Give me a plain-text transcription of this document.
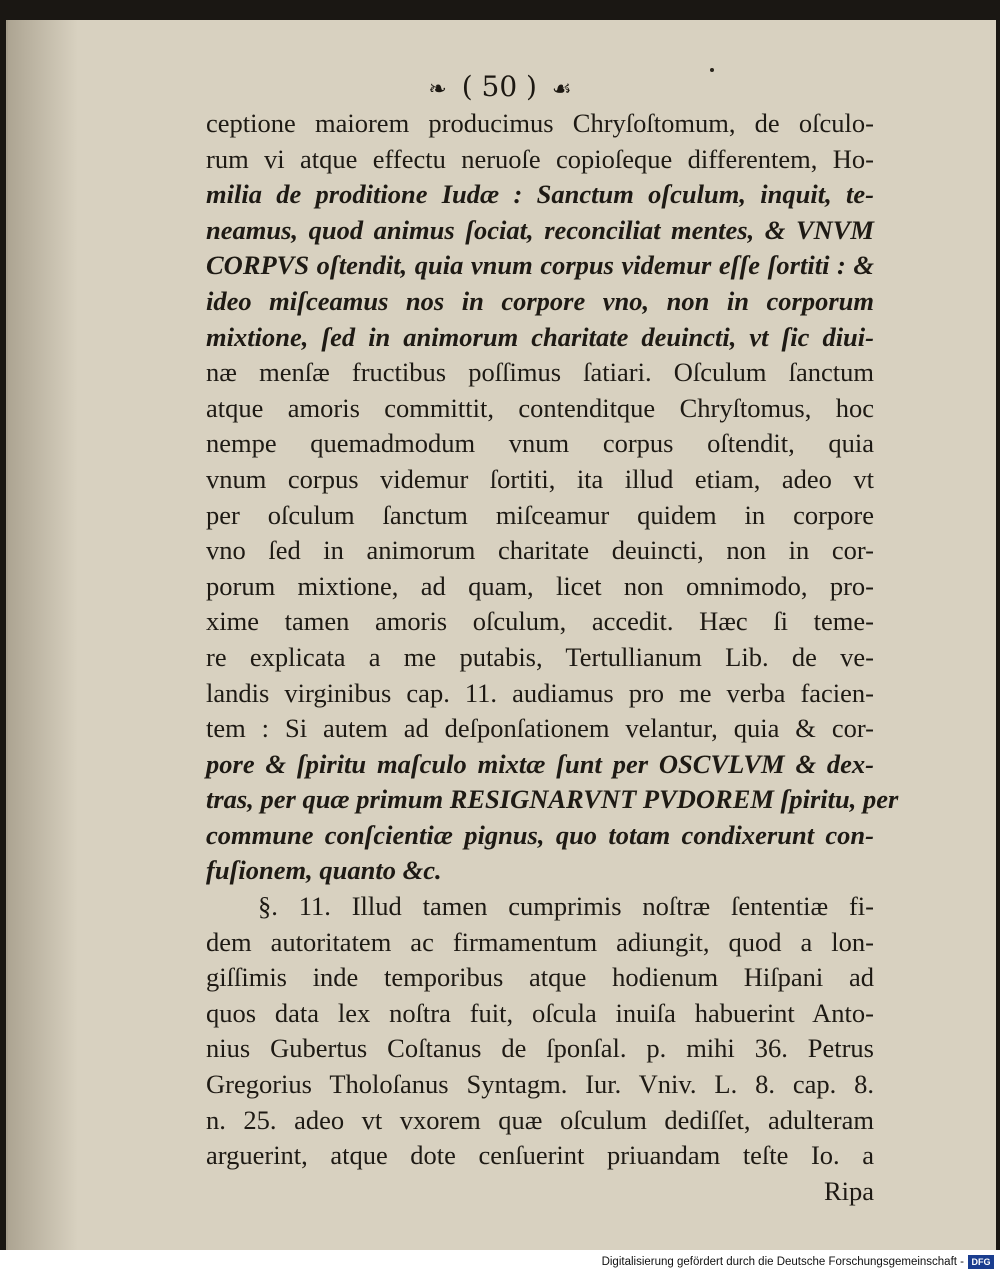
❧ ( 50 ) ☙
ceptione maiorem producimus Chryſoſtomum, de oſculo-
rum vi atque effectu neruoſe copioſeque differentem, Ho-
milia de proditione Iudæ : Sanctum oſculum, inquit, te-
neamus, quod animus ſociat, reconciliat mentes, & VNVM
CORPVS oſtendit, quia vnum corpus videmur eſſe ſortiti : &
ideo miſceamus nos in corpore vno, non in corporum
mixtione, ſed in animorum charitate deuincti, vt ſic diui-
næ menſæ fructibus poſſimus ſatiari. Oſculum ſanctum
atque amoris committit, contenditque Chryſtomus, hoc
nempe quemadmodum vnum corpus oſtendit, quia
vnum corpus videmur ſortiti, ita illud etiam, adeo vt
per oſculum ſanctum miſceamur quidem in corpore
vno ſed in animorum charitate deuincti, non in cor-
porum mixtione, ad quam, licet non omnimodo, pro-
xime tamen amoris oſculum, accedit. Hæc ſi teme-
re explicata a me putabis, Tertullianum Lib. de ve-
landis virginibus cap. 11. audiamus pro me verba facien-
tem : Si autem ad deſponſationem velantur, quia & cor-
pore & ſpiritu maſculo mixtæ ſunt per OSCVLVM & dex-
tras, per quæ primum RESIGNARVNT PVDOREM ſpiritu, per
commune conſcientiæ pignus, quo totam condixerunt con-
fuſionem, quanto &c.
§. 11. Illud tamen cumprimis noſtræ ſententiæ fi-
dem autoritatem ac firmamentum adiungit, quod a lon-
giſſimis inde temporibus atque hodienum Hiſpani ad
quos data lex noſtra fuit, oſcula inuiſa habuerint Anto-
nius Gubertus Coſtanus de ſponſal. p. mihi 36. Petrus
Gregorius Tholoſanus Syntagm. Iur. Vniv. L. 8. cap. 8.
n. 25. adeo vt vxorem quæ oſculum dediſſet, adulteram
arguerint, atque dote cenſuerint priuandam teſte Io. a
Ripa
Digitalisierung gefördert durch die Deutsche Forschungsgemeinschaft - DFG
